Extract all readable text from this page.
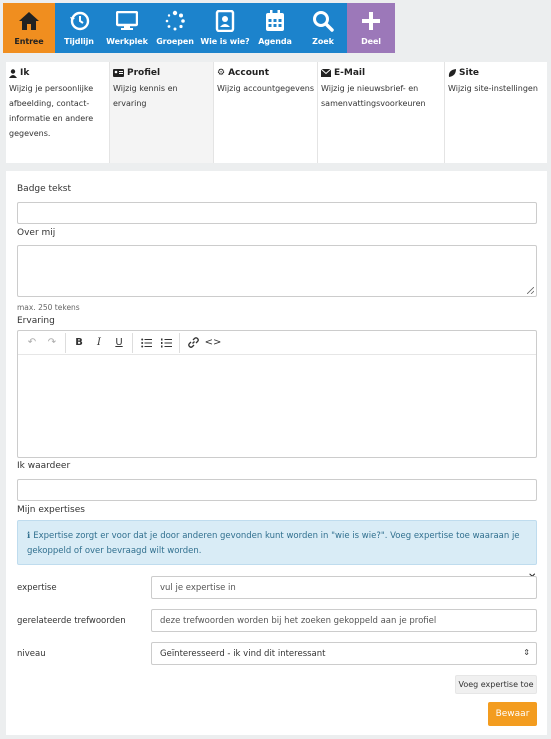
Entree	Tijdlijn Werkplek Groepen Wie is wie? Agenda	Zoek	Deel
Ik
Wijzig je persoonlijke afbeelding, contact-informatie en andere gegevens.
Profiel
Wijzig kennis en ervaring
⚙ Account
Wijzig accountgegevens
E-Mail
Wijzig je nieuwsbrief- en samenvattingsvoorkeuren
Site
Wijzig site-instellingen
Badge tekst
Over mij
max. 250 tekens
Ervaring
↶	↷	B	I	U	<>
Ik waardeer
Mijn expertises
ℹ Expertise zorgt er voor dat je door anderen gevonden kunt worden in "wie is wie?". Voeg expertise toe waaraan je gekoppeld of over bevraagd wilt worden.
expertise	vul je expertise in
gerelateerde trefwoorden	deze trefwoorden worden bij het zoeken gekoppeld aan je profiel
niveau	Geïnteresseerd - ik vind dit interessant	⇕
Voeg expertise toe
Bewaar
